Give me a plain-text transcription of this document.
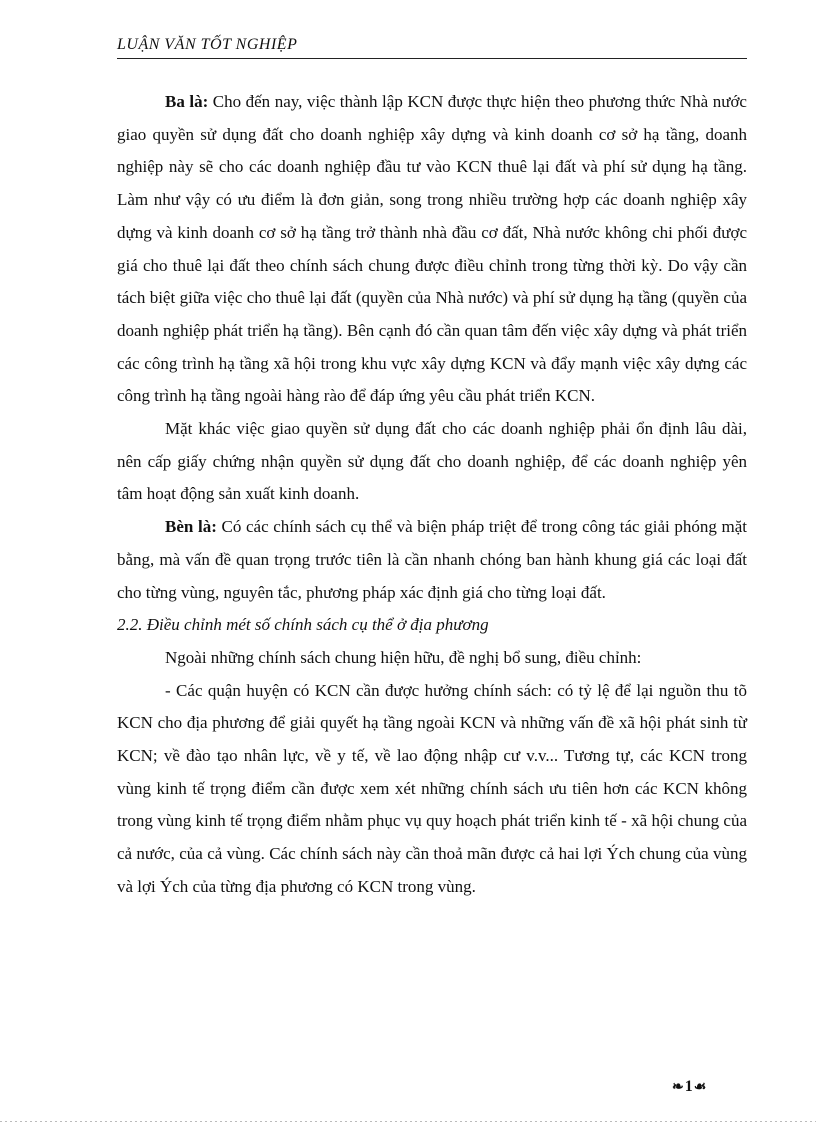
LUẬN VĂN TỐT NGHIỆP

Ba là: Cho đến nay, việc thành lập KCN được thực hiện theo phương thức Nhà nước giao quyền sử dụng đất cho doanh nghiệp xây dựng và kinh doanh cơ sở hạ tầng, doanh nghiệp này sẽ cho các doanh nghiệp đầu tư vào KCN thuê lại đất và phí sử dụng hạ tầng. Làm như vậy có ưu điểm là đơn giản, song trong nhiều trường hợp các doanh nghiệp xây dựng và kinh doanh cơ sở hạ tầng trở thành nhà đầu cơ đất, Nhà nước không chi phối được giá cho thuê lại đất theo chính sách chung được điều chỉnh trong từng thời kỳ. Do vậy cần tách biệt giữa việc cho thuê lại đất (quyền của Nhà nước) và phí sử dụng hạ tầng (quyền của doanh nghiệp phát triển hạ tầng). Bên cạnh đó cần quan tâm đến việc xây dựng và phát triển các công trình hạ tầng xã hội trong khu vực xây dựng KCN và đẩy mạnh việc xây dựng các công trình hạ tầng ngoài hàng rào để đáp ứng yêu cầu phát triển KCN.

Mặt khác việc giao quyền sử dụng đất cho các doanh nghiệp phải ổn định lâu dài, nên cấp giấy chứng nhận quyền sử dụng đất cho doanh nghiệp, để các doanh nghiệp yên tâm hoạt động sản xuất kinh doanh.

Bèn là: Có các chính sách cụ thể và biện pháp triệt để trong công tác giải phóng mặt bằng, mà vấn đề quan trọng trước tiên là cần nhanh chóng ban hành khung giá các loại đất cho từng vùng, nguyên tắc, phương pháp xác định giá cho từng loại đất.

2.2. Điều chỉnh mét số chính sách cụ thể ở địa phương

Ngoài những chính sách chung hiện hữu, đề nghị bổ sung, điều chỉnh:

- Các quận huyện có KCN cần được hưởng chính sách: có tỷ lệ để lại nguồn thu tõ KCN cho địa phương để giải quyết hạ tầng ngoài KCN và những vấn đề xã hội phát sinh từ KCN; về đào tạo nhân lực, về y tế, về lao động nhập cư v.v... Tương tự, các KCN trong vùng kinh tế trọng điểm cần được xem xét những chính sách ưu tiên hơn các KCN không trong vùng kinh tế trọng điểm nhằm phục vụ quy hoạch phát triển kinh tế - xã hội chung của cả nước, của cả vùng. Các chính sách này cần thoả mãn được cả hai lợi Ých chung của vùng và lợi Ých của từng địa phương có KCN trong vùng.

❧1☙
